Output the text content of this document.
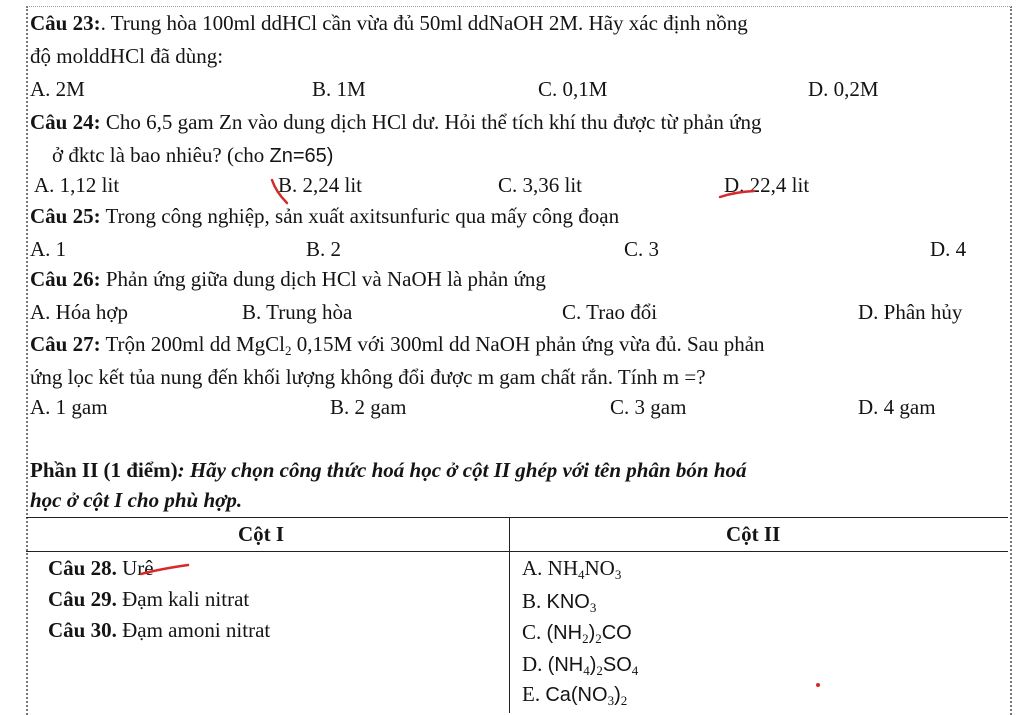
Câu 23:. Trung hòa 100ml ddHCl cần vừa đủ 50ml ddNaOH 2M. Hãy xác định nồng
độ molddHCl đã dùng:
A. 2M	B. 1M	C. 0,1M	D. 0,2M
Câu 24: Cho 6,5 gam Zn vào dung dịch HCl dư. Hỏi thể tích khí thu được từ phản ứng
ở đktc là bao nhiêu? (cho Zn=65)
A. 1,12 lit	B. 2,24 lit	C. 3,36 lit	D. 22,4 lit
Câu 25: Trong công nghiệp, sản xuất axitsunfuric qua mấy công đoạn
A. 1	B. 2	C. 3	D. 4
Câu 26: Phản ứng giữa dung dịch HCl và NaOH là phản ứng
A. Hóa hợp	B. Trung hòa	C. Trao đổi	D. Phân hủy
Câu 27: Trộn 200ml dd MgCl$_2$ 0,15M với 300ml dd NaOH phản ứng vừa đủ. Sau phản
ứng lọc kết tủa nung đến khối lượng không đổi được m gam chất rắn. Tính m =?
A. 1 gam	B. 2 gam	C. 3 gam	D. 4 gam
Phần II (1 điểm): Hãy chọn công thức hoá học ở cột II ghép với tên phân bón hoá
học ở cột I cho phù hợp.
Cột I	Cột II
Câu 28. Urê
Câu 29. Đạm kali nitrat
Câu 30. Đạm amoni nitrat
A. $NH_4NO_3$
B. $KNO_3$
C. $(NH_2)_2CO$
D. $(NH_4)_2SO_4$
E. $Ca(NO_3)_2$
